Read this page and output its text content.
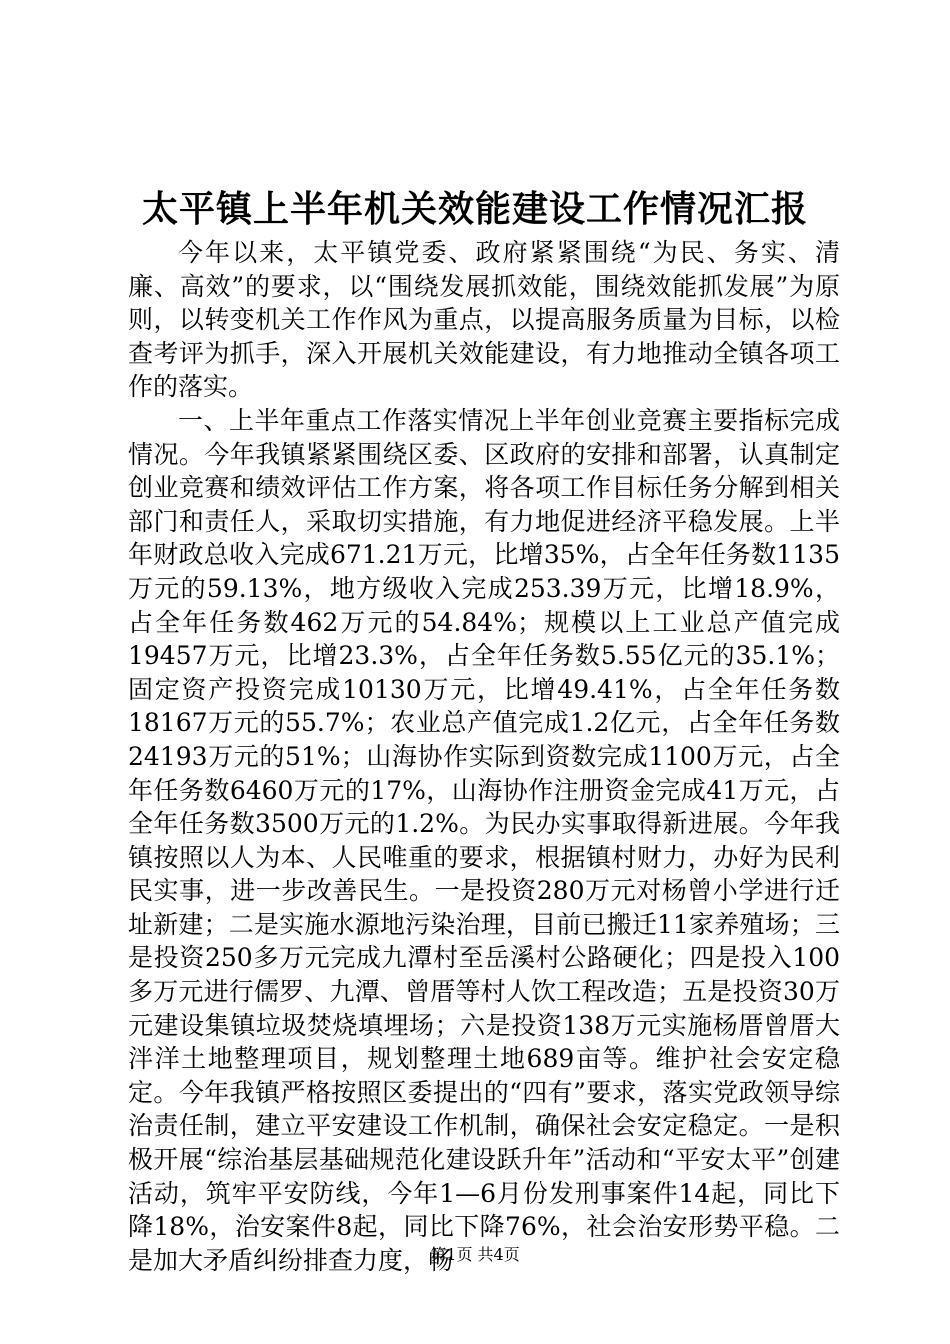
太平镇上半年机关效能建设工作情况汇报

今年以来，太平镇党委、政府紧紧围绕“为民、务实、清廉、高效”的要求，以“围绕发展抓效能，围绕效能抓发展”为原则，以转变机关工作作风为重点，以提高服务质量为目标，以检查考评为抓手，深入开展机关效能建设，有力地推动全镇各项工作的落实。

一、上半年重点工作落实情况上半年创业竞赛主要指标完成情况。今年我镇紧紧围绕区委、区政府的安排和部署，认真制定创业竞赛和绩效评估工作方案，将各项工作目标任务分解到相关部门和责任人，采取切实措施，有力地促进经济平稳发展。上半年财政总收入完成671.21万元，比增35%，占全年任务数1135万元的59.13%，地方级收入完成253.39万元，比增18.9%，占全年任务数462万元的54.84%；规模以上工业总产值完成19457万元，比增23.3%，占全年任务数5.55亿元的35.1%；固定资产投资完成10130万元，比增49.41%，占全年任务数18167万元的55.7%；农业总产值完成1.2亿元，占全年任务数24193万元的51%；山海协作实际到资数完成1100万元，占全年任务数6460万元的17%，山海协作注册资金完成41万元，占全年任务数3500万元的1.2%。为民办实事取得新进展。今年我镇按照以人为本、人民唯重的要求，根据镇村财力，办好为民利民实事，进一步改善民生。一是投资280万元对杨曾小学进行迁址新建；二是实施水源地污染治理，目前已搬迁11家养殖场；三是投资250多万元完成九潭村至岳溪村公路硬化；四是投入100多万元进行儒罗、九潭、曾厝等村人饮工程改造；五是投资30万元建设集镇垃圾焚烧填埋场；六是投资138万元实施杨厝曾厝大泮洋土地整理项目，规划整理土地689亩等。维护社会安定稳定。今年我镇严格按照区委提出的“四有”要求，落实党政领导综治责任制，建立平安建设工作机制，确保社会安定稳定。一是积极开展“综治基层基础规范化建设跃升年”活动和“平安太平”创建活动，筑牢平安防线，今年1—6月份发刑事案件14起，同比下降18%，治安案件8起，同比下降76%，社会治安形势平稳。二是加大矛盾纠纷排查力度，畅

第1页 共4页
